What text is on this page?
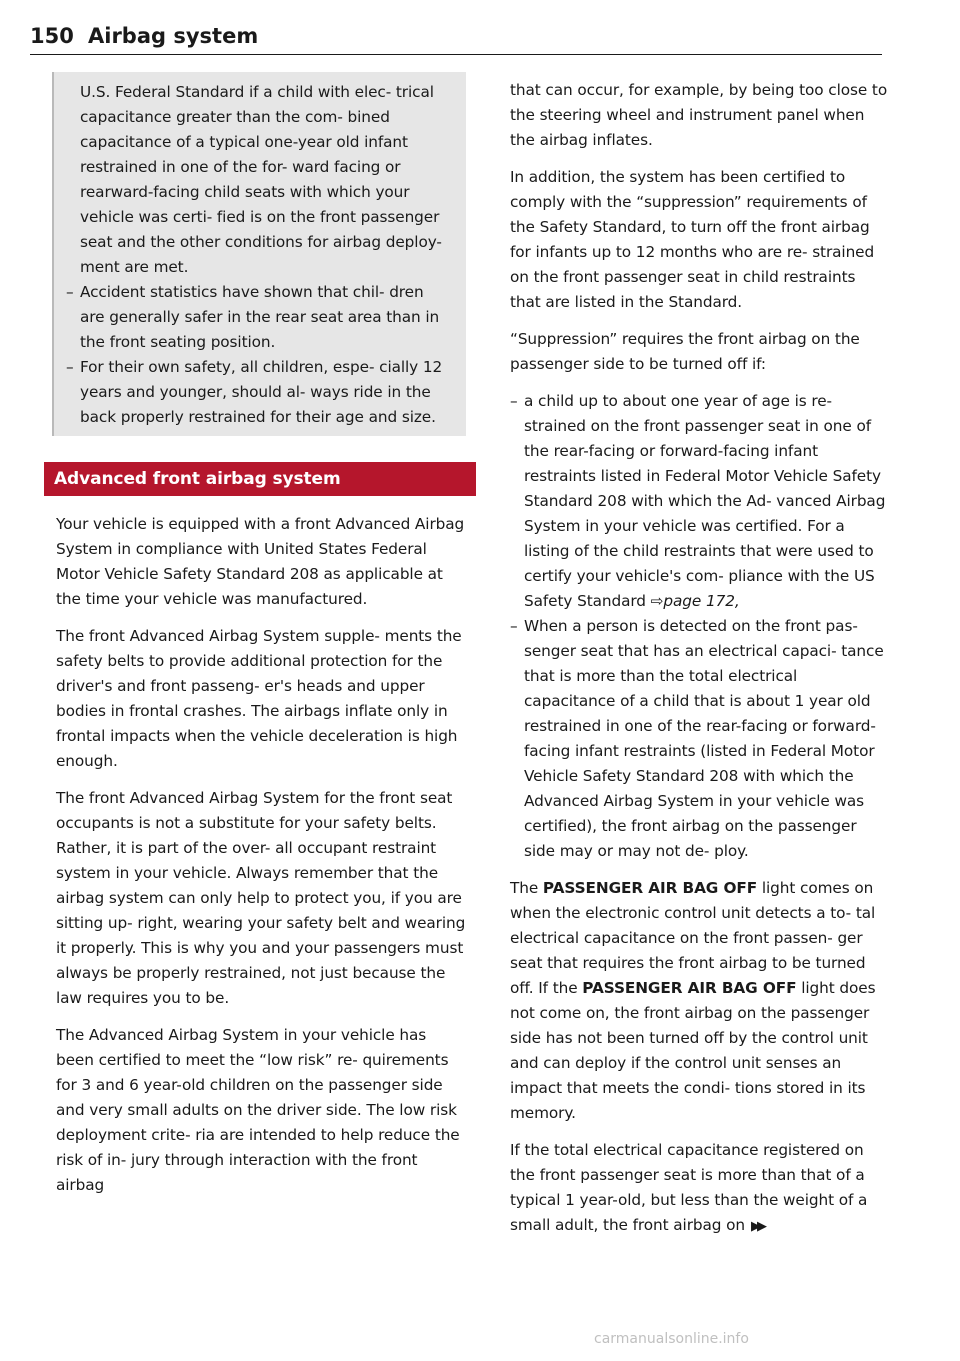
150 Airbag system

U.S. Federal Standard if a child with elec- trical capacitance greater than the com- bined capacitance of a typical one-year old infant restrained in one of the for- ward facing or rearward-facing child seats with which your vehicle was certi- fied is on the front passenger seat and the other conditions for airbag deploy- ment are met.

– Accident statistics have shown that chil- dren are generally safer in the rear seat area than in the front seating position.
– For their own safety, all children, espe- cially 12 years and younger, should al- ways ride in the back properly restrained for their age and size.
Advanced front airbag system

Your vehicle is equipped with a front Advanced Airbag System in compliance with United States Federal Motor Vehicle Safety Standard 208 as applicable at the time your vehicle was manufactured.

The front Advanced Airbag System supple- ments the safety belts to provide additional protection for the driver's and front passeng- er's heads and upper bodies in frontal crashes. The airbags inflate only in frontal impacts when the vehicle deceleration is high enough.

The front Advanced Airbag System for the front seat occupants is not a substitute for your safety belts. Rather, it is part of the over- all occupant restraint system in your vehicle. Always remember that the airbag system can only help to protect you, if you are sitting up- right, wearing your safety belt and wearing it properly. This is why you and your passengers must always be properly restrained, not just because the law requires you to be.

The Advanced Airbag System in your vehicle has been certified to meet the “low risk” re- quirements for 3 and 6 year-old children on the passenger side and very small adults on the driver side. The low risk deployment crite- ria are intended to help reduce the risk of in- jury through interaction with the front airbag

that can occur, for example, by being too close to the steering wheel and instrument panel when the airbag inflates.

In addition, the system has been certified to comply with the “suppression” requirements of the Safety Standard, to turn off the front airbag for infants up to 12 months who are re- strained on the front passenger seat in child restraints that are listed in the Standard.

“Suppression” requires the front airbag on the passenger side to be turned off if:

– a child up to about one year of age is re- strained on the front passenger seat in one of the rear-facing or forward-facing infant restraints listed in Federal Motor Vehicle Safety Standard 208 with which the Ad- vanced Airbag System in your vehicle was certified. For a listing of the child restraints that were used to certify your vehicle's com- pliance with the US Safety Standard ⇨page 172,
– When a person is detected on the front pas- senger seat that has an electrical capaci- tance that is more than the total electrical capacitance of a child that is about 1 year old restrained in one of the rear-facing or forward-facing infant restraints (listed in Federal Motor Vehicle Safety Standard 208 with which the Advanced Airbag System in your vehicle was certified), the front airbag on the passenger side may or may not de- ploy.

The PASSENGER AIR BAG OFF light comes on when the electronic control unit detects a to- tal electrical capacitance on the front passen- ger seat that requires the front airbag to be turned off. If the PASSENGER AIR BAG OFF light does not come on, the front airbag on the passenger side has not been turned off by the control unit and can deploy if the control unit senses an impact that meets the condi- tions stored in its memory.

If the total electrical capacitance registered on the front passenger seat is more than that of a typical 1 year-old, but less than the weight of a small adult, the front airbag on ▶▶

carmanualsonline.info
